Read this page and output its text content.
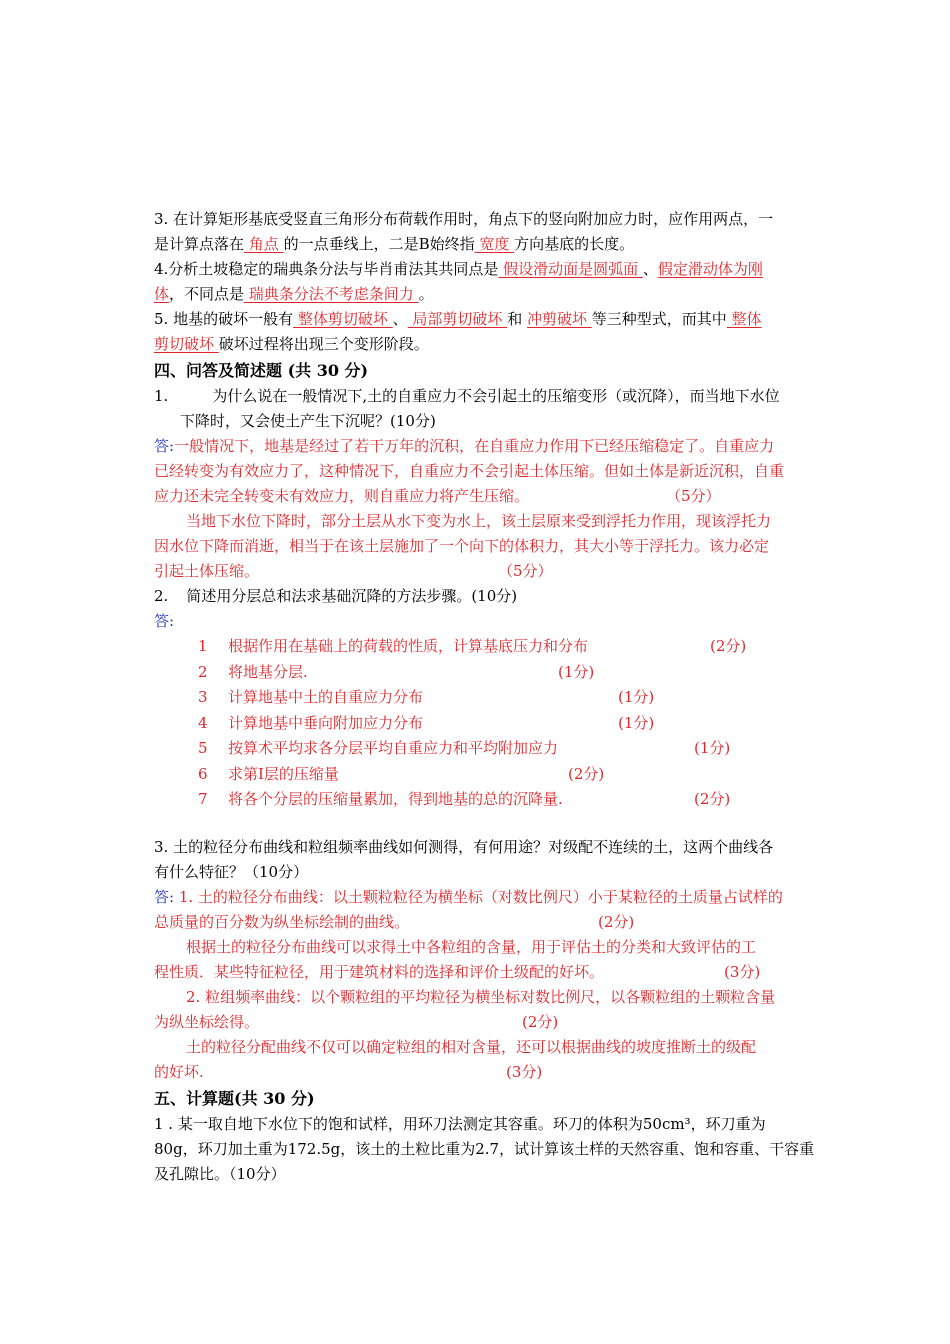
3. 在计算矩形基底受竖直三角形分布荷载作用时，角点下的竖向附加应力时，应作用两点，一
是计算点落在 角点 的一点垂线上，二是B始终指 宽度 方向基底的长度。
4.分析土坡稳定的瑞典条分法与毕肖甫法其共同点是 假设滑动面是圆弧面 、假定滑动体为刚
体，不同点是 瑞典条分法不考虑条间力 。
5. 地基的破坏一般有 整体剪切破坏 、 局部剪切破坏 和 冲剪破坏 等三种型式，而其中 整体
剪切破坏 破坏过程将出现三个变形阶段。
四、问答及简述题 (共 30 分)
1.	为什么说在一般情况下,土的自重应力不会引起土的压缩变形（或沉降），而当地下水位
下降时，又会使土产生下沉呢？(10分)
答:一般情况下，地基是经过了若干万年的沉积，在自重应力作用下已经压缩稳定了。自重应力
已经转变为有效应力了，这种情况下，自重应力不会引起土体压缩。但如土体是新近沉积，自重
应力还未完全转变未有效应力，则自重应力将产生压缩。	（5分）
当地下水位下降时，部分土层从水下变为水上，该土层原来受到浮托力作用，现该浮托力
因水位下降而消逝，相当于在该土层施加了一个向下的体积力，其大小等于浮托力。该力必定
引起土体压缩。	（5分）
2. 简述用分层总和法求基础沉降的方法步骤。(10分)
答:
1 根据作用在基础上的荷载的性质，计算基底压力和分布	(2分)
2 将地基分层.	(1分)
3 计算地基中土的自重应力分布	(1分)
4 计算地基中垂向附加应力分布	(1分)
5 按算术平均求各分层平均自重应力和平均附加应力	(1分)
6 求第I层的压缩量	(2分)
7 将各个分层的压缩量累加，得到地基的总的沉降量.	(2分)
3. 土的粒径分布曲线和粒组频率曲线如何测得，有何用途？对级配不连续的土，这两个曲线各
有什么特征？（10分）
答: 1. 土的粒径分布曲线：以土颗粒粒径为横坐标（对数比例尺）小于某粒径的土质量占试样的
总质量的百分数为纵坐标绘制的曲线。	(2分)
根据土的粒径分布曲线可以求得土中各粒组的含量，用于评估土的分类和大致评估的工
程性质．某些特征粒径，用于建筑材料的选择和评价土级配的好坏。	(3分)
2. 粒组频率曲线：以个颗粒组的平均粒径为横坐标对数比例尺，以各颗粒组的土颗粒含量
为纵坐标绘得。	(2分)
土的粒径分配曲线不仅可以确定粒组的相对含量，还可以根据曲线的坡度推断土的级配
的好坏.	(3分)
五、计算题(共 30 分)
1 . 某一取自地下水位下的饱和试样，用环刀法测定其容重。环刀的体积为50cm³，环刀重为
80g，环刀加土重为172.5g，该土的土粒比重为2.7，试计算该土样的天然容重、饱和容重、干容重
及孔隙比。（10分）
